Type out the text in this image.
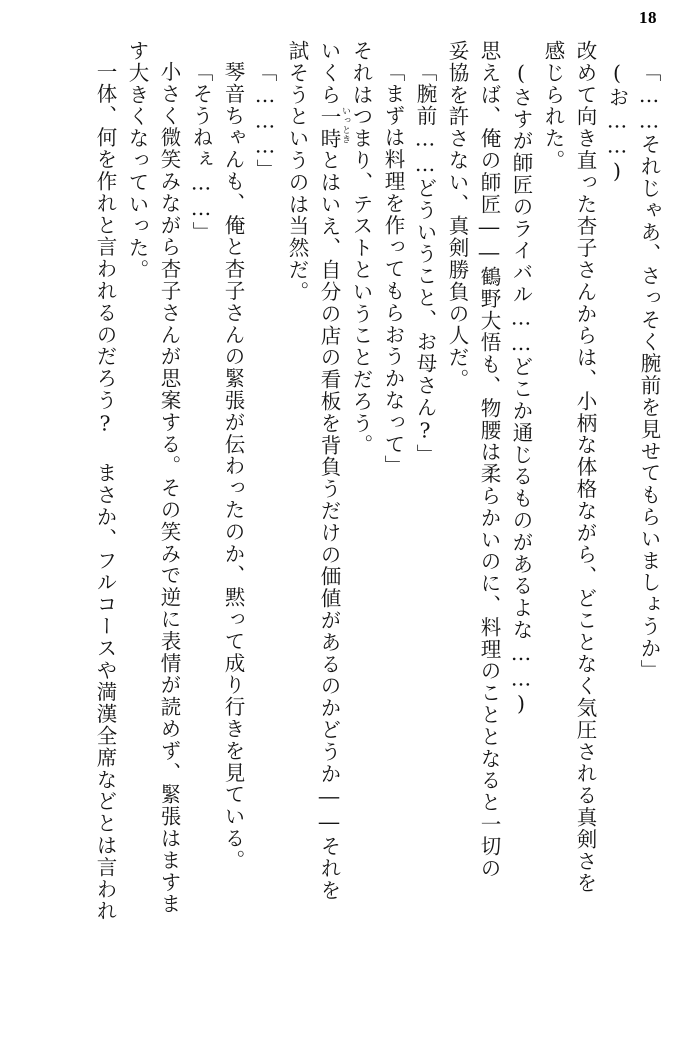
18
「……それじゃあ、さっそく腕前を見せてもらいましょうか」
(お……)
改めて向き直った杏子さんからは、小柄な体格ながら、どことなく気圧される真剣さを
感じられた。
(さすが師匠のライバル……どこか通じるものがあるよな……)
思えば、俺の師匠――鶴野大悟も、物腰は柔らかいのに、料理のこととなると一切の
妥協を許さない、真剣勝負の人だ。
「腕前……どういうこと、お母さん?」
「まずは料理を作ってもらおうかなって」
それはつまり、テストということだろう。
いくら一時 いっとき
とはいえ、自分の店の看板を背負うだけの価値があるのかどうか――それを
試そうというのは当然だ。
「………」
琴音ちゃんも、俺と杏子さんの緊張が伝わったのか、黙って成り行きを見ている。
「そうねぇ……」
小さく微笑みながら杏子さんが思案する。その笑みで逆に表情が読めず、緊張はますま
す大きくなっていった。
一体、何を作れと言われるのだろう? まさか、フルコースや満漢全席などとは言われ
